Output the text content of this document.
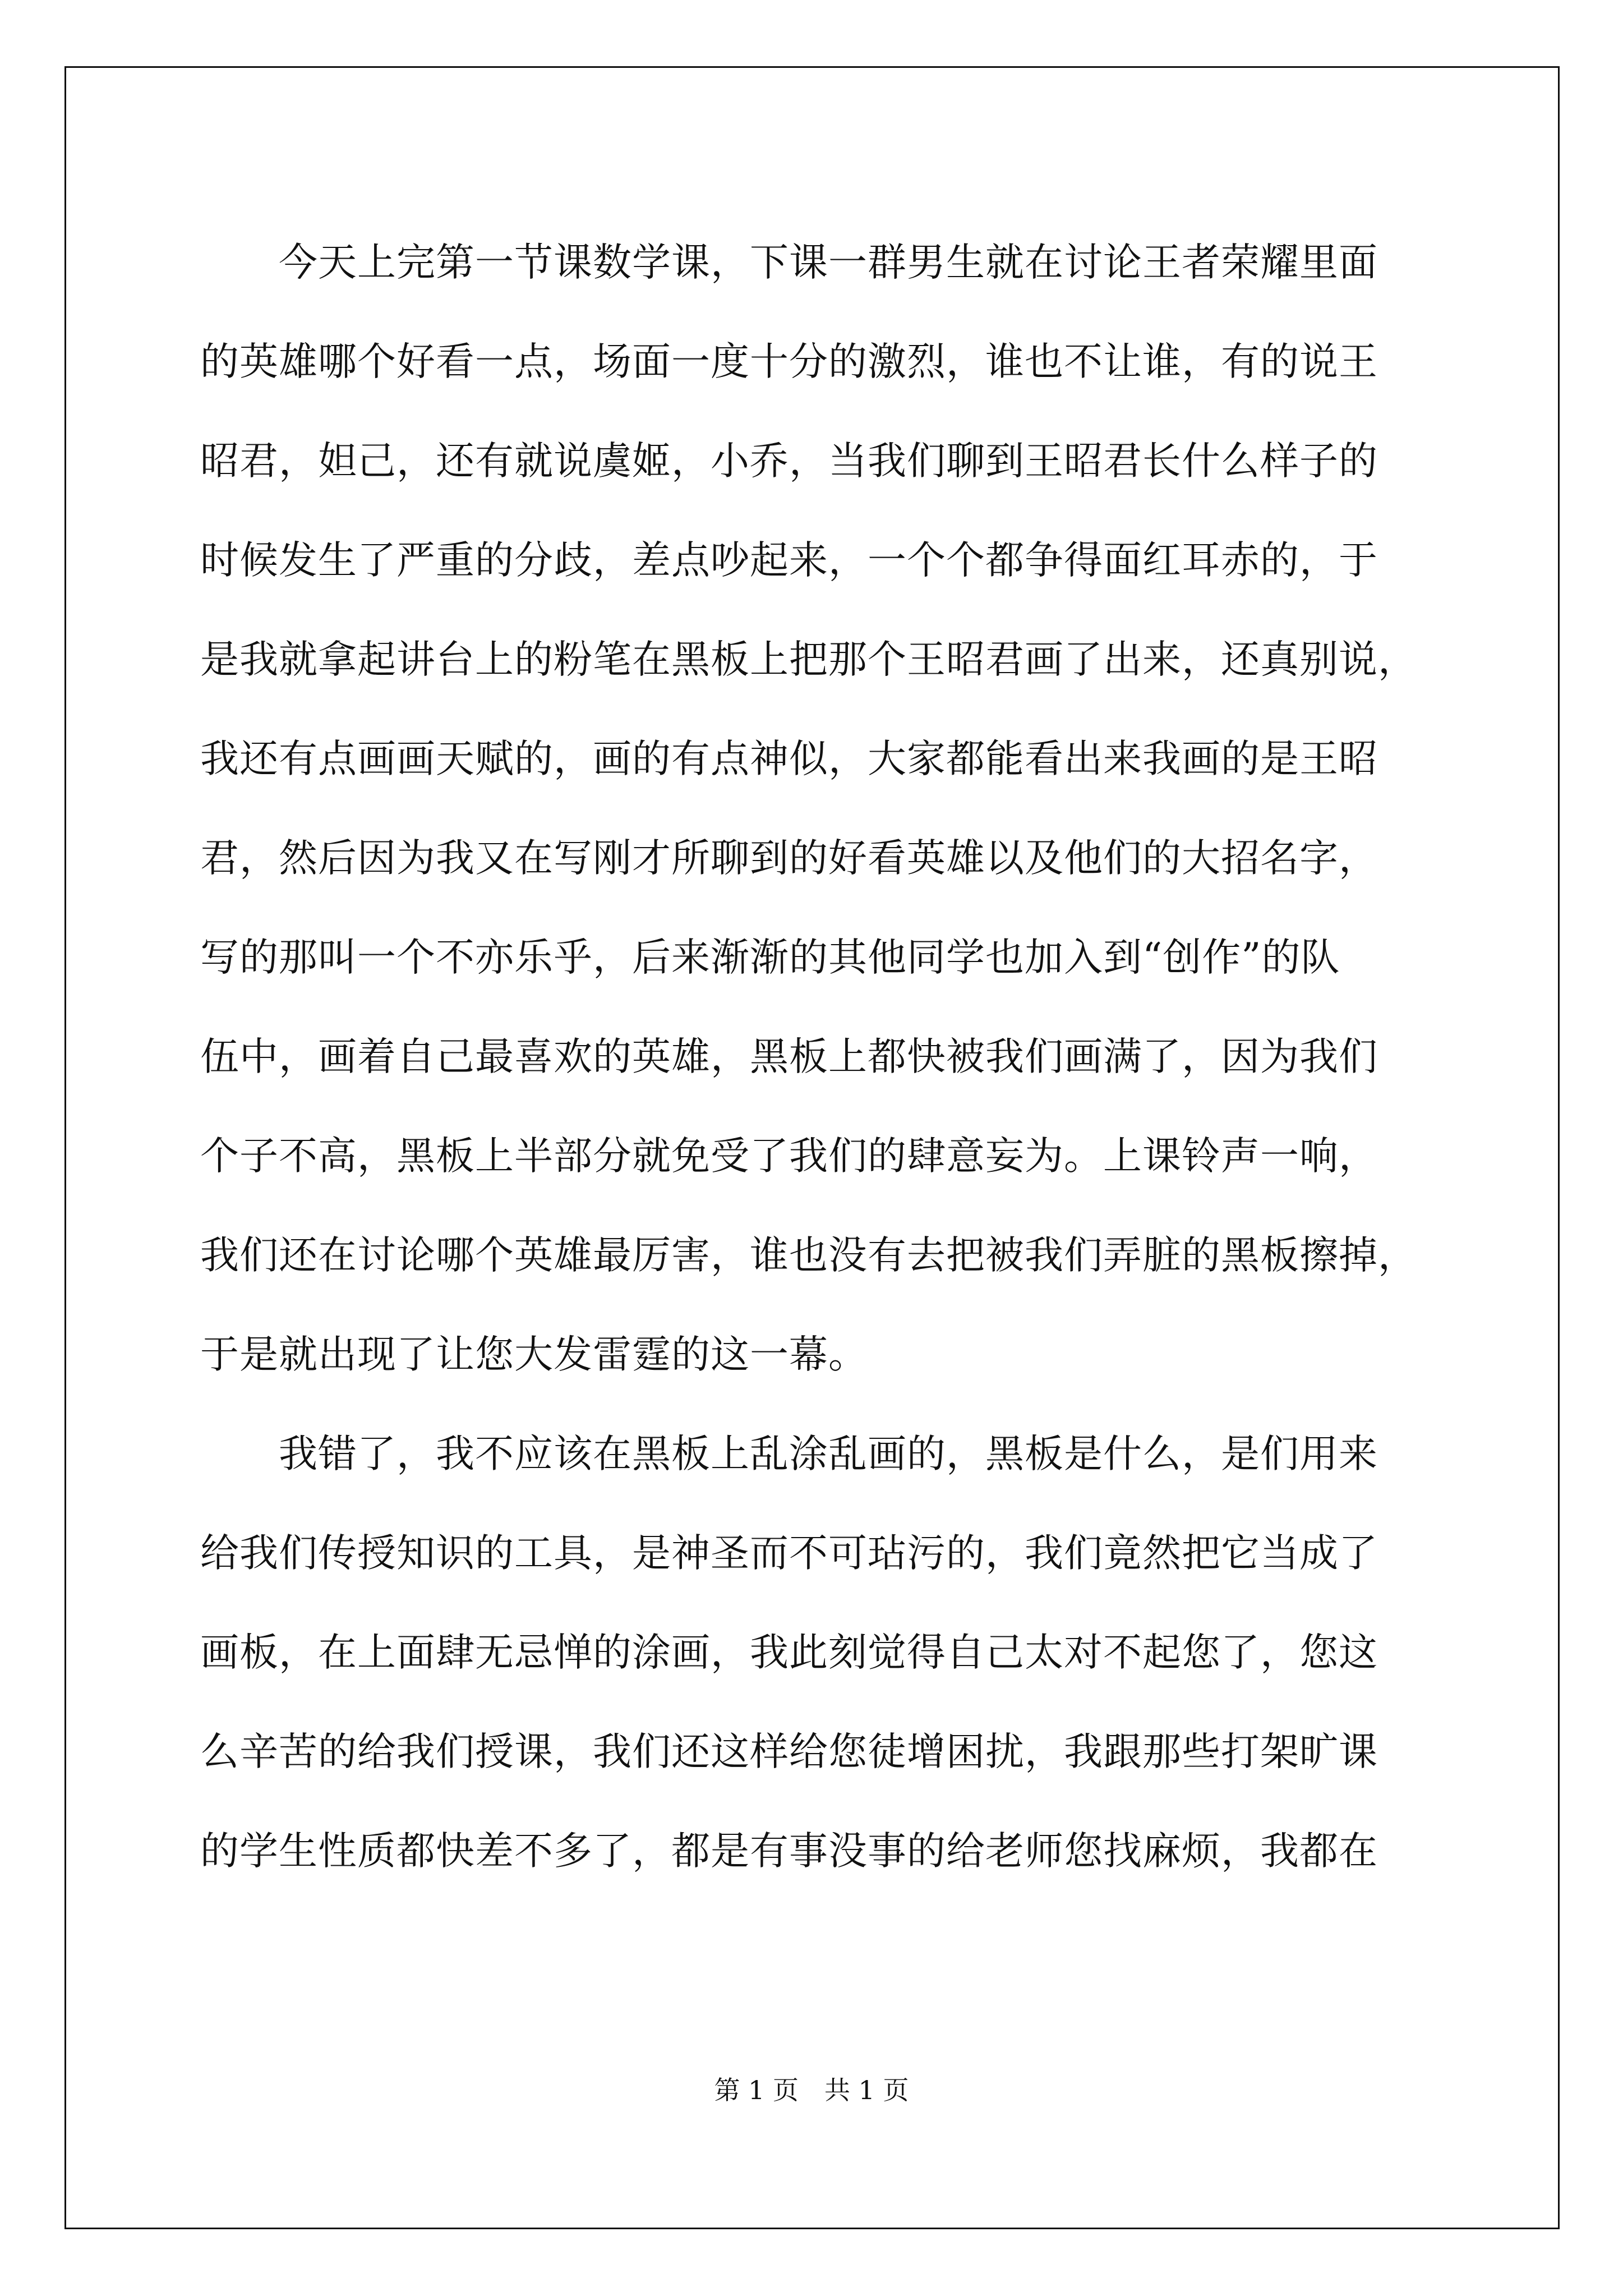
　　今天上完第一节课数学课，下课一群男生就在讨论王者荣耀里面
的英雄哪个好看一点，场面一度十分的激烈，谁也不让谁，有的说王
昭君，妲己，还有就说虞姬，小乔，当我们聊到王昭君长什么样子的
时候发生了严重的分歧，差点吵起来，一个个都争得面红耳赤的，于
是我就拿起讲台上的粉笔在黑板上把那个王昭君画了出来，还真别说，
我还有点画画天赋的，画的有点神似，大家都能看出来我画的是王昭
君，然后因为我又在写刚才所聊到的好看英雄以及他们的大招名字，
写的那叫一个不亦乐乎，后来渐渐的其他同学也加入到“创作”的队
伍中，画着自己最喜欢的英雄，黑板上都快被我们画满了，因为我们
个子不高，黑板上半部分就免受了我们的肆意妄为。上课铃声一响，
我们还在讨论哪个英雄最厉害，谁也没有去把被我们弄脏的黑板擦掉，
于是就出现了让您大发雷霆的这一幕。
　　我错了，我不应该在黑板上乱涂乱画的，黑板是什么，是们用来
给我们传授知识的工具，是神圣而不可玷污的，我们竟然把它当成了
画板，在上面肆无忌惮的涂画，我此刻觉得自己太对不起您了，您这
么辛苦的给我们授课，我们还这样给您徒增困扰，我跟那些打架旷课
的学生性质都快差不多了，都是有事没事的给老师您找麻烦，我都在
第 1 页　共 1 页
